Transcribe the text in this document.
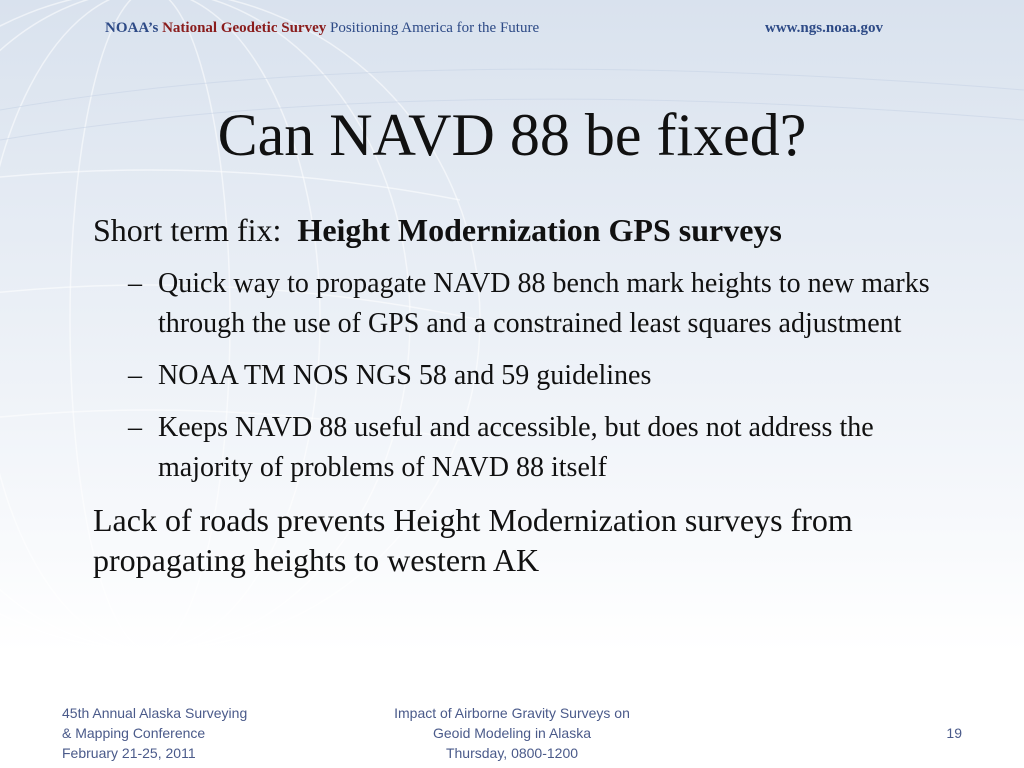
NOAA’s National Geodetic Survey Positioning America for the Future	www.ngs.noaa.gov
Can NAVD 88 be fixed?
Short term fix: Height Modernization GPS surveys
– Quick way to propagate NAVD 88 bench mark heights to new marks through the use of GPS and a constrained least squares adjustment
– NOAA TM NOS NGS 58 and 59 guidelines
– Keeps NAVD 88 useful and accessible, but does not address the majority of problems of NAVD 88 itself
Lack of roads prevents Height Modernization surveys from propagating heights to western AK
45th Annual Alaska Surveying
& Mapping Conference
February 21-25, 2011
Impact of Airborne Gravity Surveys on
Geoid Modeling in Alaska
Thursday, 0800-1200
19
